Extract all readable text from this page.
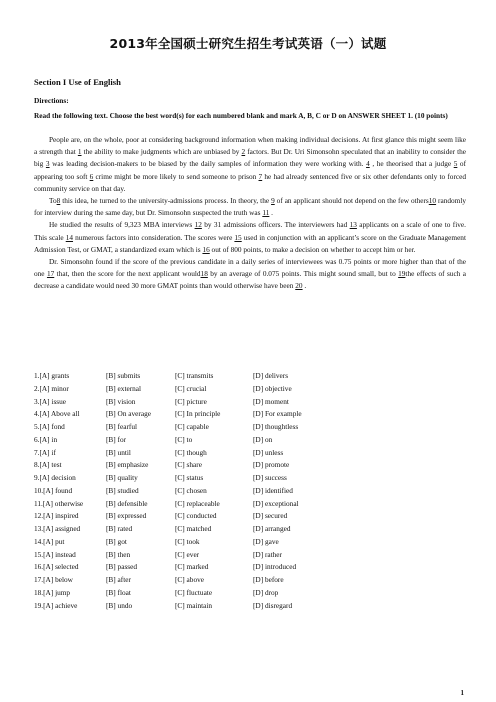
2013年全国硕士研究生招生考试英语（一）试题
Section I Use of English
Directions:
Read the following text. Choose the best word(s) for each numbered blank and mark A, B, C or D on ANSWER SHEET 1. (10 points)

People are, on the whole, poor at considering background information when making individual decisions. At first glance this might seem like a strength that 1 the ability to make judgments which are unbiased by 2 factors. But Dr. Uri Simonsohn speculated that an inability to consider the big 3 was leading decision-makers to be biased by the daily samples of information they were working with. 4 , he theorised that a judge 5 of appearing too soft 6 crime might be more likely to send someone to prison 7 he had already sentenced five or six other defendants only to forced community service on that day.

To8 this idea, he turned to the university-admissions process. In theory, the 9 of an applicant should not depend on the few others10 randomly for interview during the same day, but Dr. Simonsohn suspected the truth was 11 .

He studied the results of 9,323 MBA interviews 12 by 31 admissions officers. The interviewers had 13 applicants on a scale of one to five. This scale 14 numerous factors into consideration. The scores were 15 used in conjunction with an applicant’s score on the Graduate Management Admission Test, or GMAT, a standardized exam which is 16 out of 800 points, to make a decision on whether to accept him or her.

Dr. Simonsohn found if the score of the previous candidate in a daily series of interviewees was 0.75 points or more higher than that of the one 17 that, then the score for the next applicant would18 by an average of 0.075 points. This might sound small, but to 19the effects of such a decrease a candidate would need 30 more GMAT points than would otherwise have been 20 .

1.[A] grants	[B] submits	[C] transmits	[D] delivers
2.[A] minor	[B] external	[C] crucial	[D] objective
3.[A] issue	[B] vision	[C] picture	[D] moment
4.[A] Above all	[B] On average	[C] In principle	[D] For example
5.[A] fond	[B] fearful	[C] capable	[D] thoughtless
6.[A] in	[B] for	[C] to	[D] on
7.[A] if	[B] until	[C] though	[D] unless
8.[A] test	[B] emphasize	[C] share	[D] promote
9.[A] decision	[B] quality	[C] status	[D] success
10.[A] found	[B] studied	[C] chosen	[D] identified
11.[A] otherwise	[B] defensible	[C] replaceable	[D] exceptional
12.[A] inspired	[B] expressed	[C] conducted	[D] secured
13.[A] assigned	[B] rated	[C] matched	[D] arranged
14.[A] put	[B] got	[C] took	[D] gave
15.[A] instead	[B] then	[C] ever	[D] rather
16.[A] selected	[B] passed	[C] marked	[D] introduced
17.[A] below	[B] after	[C] above	[D] before
18.[A] jump	[B] float	[C] fluctuate	[D] drop
19.[A] achieve	[B] undo	[C] maintain	[D] disregard
1
